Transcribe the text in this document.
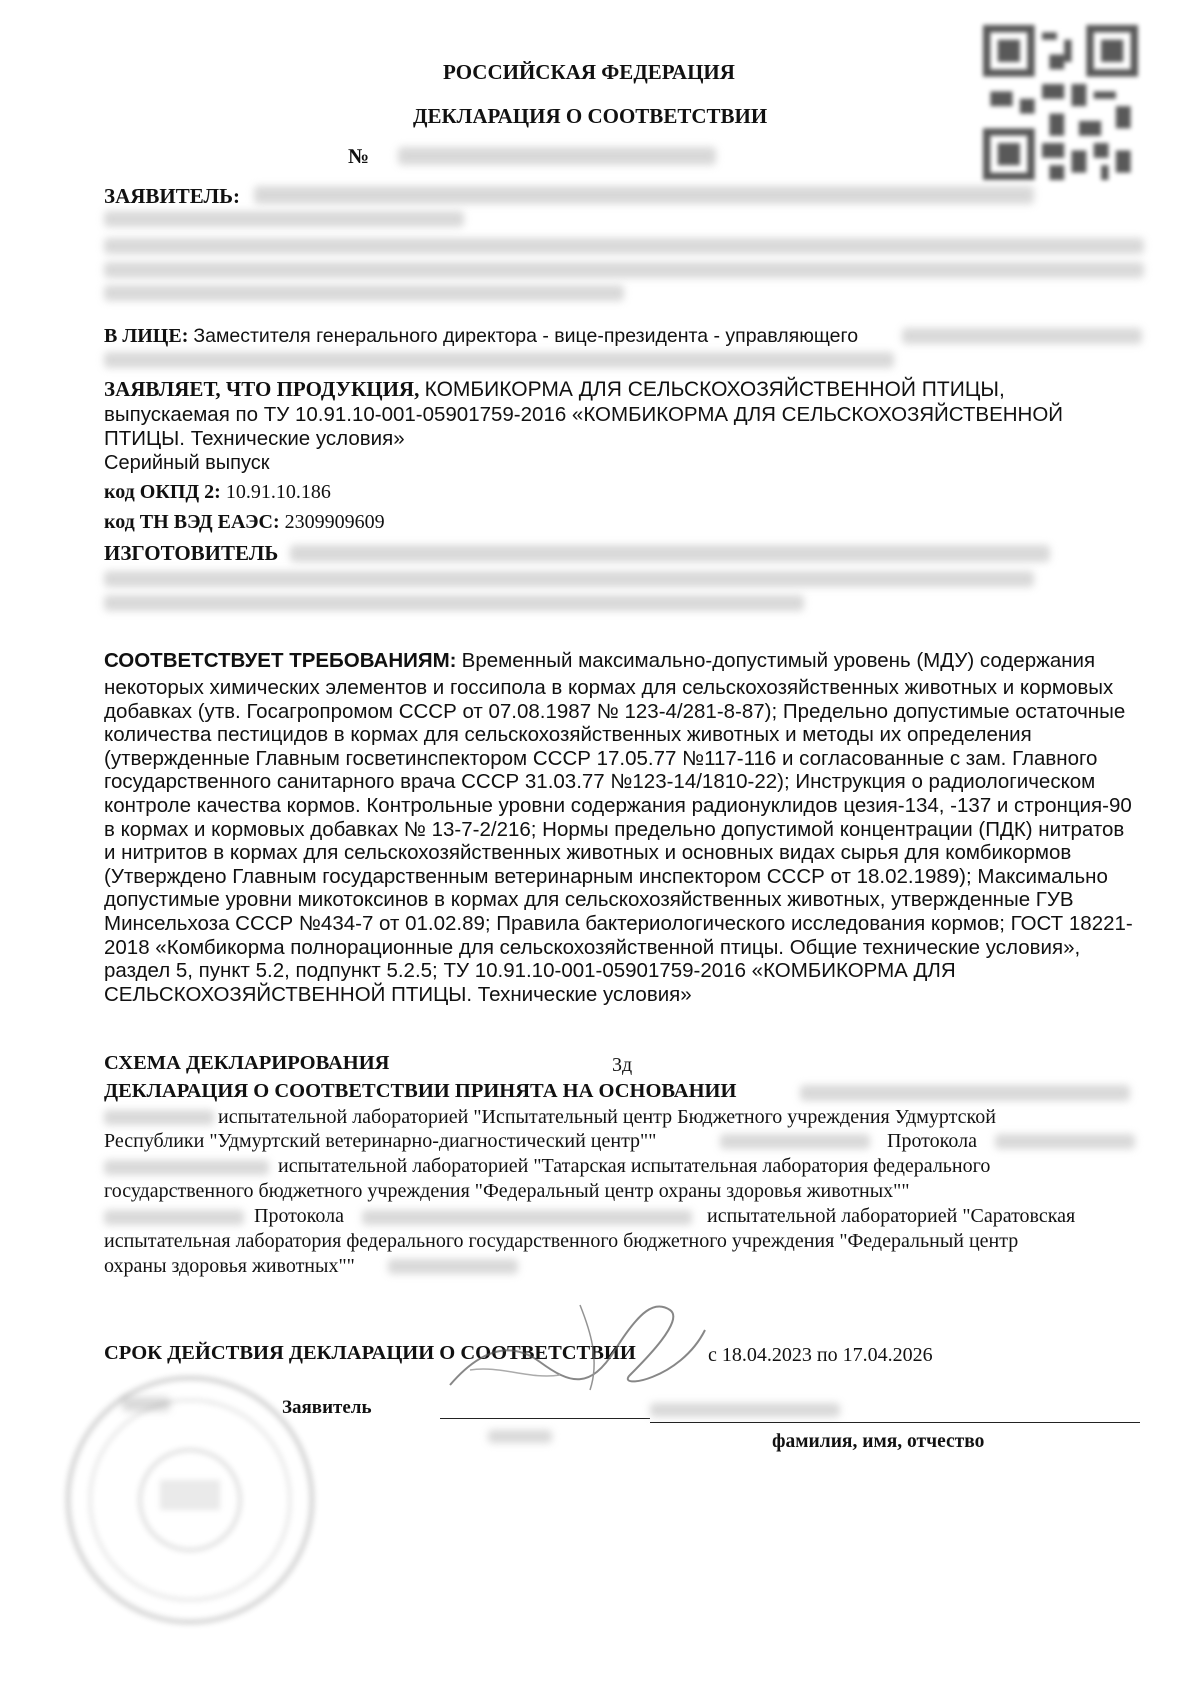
РОССИЙСКАЯ ФЕДЕРАЦИЯ
ДЕКЛАРАЦИЯ О СООТВЕТСТВИИ
№
ЗАЯВИТЕЛЬ:
В ЛИЦЕ: Заместителя генерального директора - вице-президента - управляющего
ЗАЯВЛЯЕТ, ЧТО ПРОДУКЦИЯ, КОМБИКОРМА ДЛЯ СЕЛЬСКОХОЗЯЙСТВЕННОЙ ПТИЦЫ,
выпускаемая по ТУ 10.91.10-001-05901759-2016 «КОМБИКОРМА ДЛЯ СЕЛЬСКОХОЗЯЙСТВЕННОЙ
ПТИЦЫ. Технические условия»
Серийный выпуск
код ОКПД 2: 10.91.10.186
код ТН ВЭД ЕАЭС: 2309909609
ИЗГОТОВИТЕЛЬ
СООТВЕТСТВУЕТ ТРЕБОВАНИЯМ: Временный максимально-допустимый уровень (МДУ) содержания
некоторых химических элементов и госсипола в кормах для сельскохозяйственных животных и кормовых
добавках (утв. Госагропромом СССР от 07.08.1987 № 123-4/281-8-87); Предельно допустимые остаточные
количества пестицидов в кормах для сельскохозяйственных животных и методы их определения
(утвержденные Главным госветинспектором СССР 17.05.77 №117-116 и согласованные с зам. Главного
государственного санитарного врача СССР 31.03.77 №123-14/1810-22); Инструкция о радиологическом
контроле качества кормов. Контрольные уровни содержания радионуклидов цезия-134, -137 и стронция-90
в кормах и кормовых добавках № 13-7-2/216; Нормы предельно допустимой концентрации (ПДК) нитратов
и нитритов в кормах для сельскохозяйственных животных и основных видах сырья для комбикормов
(Утверждено Главным государственным ветеринарным инспектором СССР от 18.02.1989); Максимально
допустимые уровни микотоксинов в кормах для сельскохозяйственных животных, утвержденные ГУВ
Минсельхоза СССР №434-7 от 01.02.89; Правила бактериологического исследования кормов; ГОСТ 18221-
2018 «Комбикорма полнорационные для сельскохозяйственной птицы. Общие технические условия»,
раздел 5, пункт 5.2, подпункт 5.2.5; ТУ 10.91.10-001-05901759-2016 «КОМБИКОРМА ДЛЯ
СЕЛЬСКОХОЗЯЙСТВЕННОЙ ПТИЦЫ. Технические условия»
СХЕМА ДЕКЛАРИРОВАНИЯ	3д
ДЕКЛАРАЦИЯ О СООТВЕТСТВИИ ПРИНЯТА НА ОСНОВАНИИ
испытательной лабораторией "Испытательный центр Бюджетного учреждения Удмуртской
Республики "Удмуртский ветеринарно-диагностический центр""	Протокола
испытательной лабораторией "Татарская испытательная лаборатория федерального
государственного бюджетного учреждения "Федеральный центр охраны здоровья животных""
Протокола	испытательной лабораторией "Саратовская
испытательная лаборатория федерального государственного бюджетного учреждения "Федеральный центр
охраны здоровья животных""
СРОК ДЕЙСТВИЯ ДЕКЛАРАЦИИ О СООТВЕТСТВИИ	с 18.04.2023 по 17.04.2026
Заявитель
фамилия, имя, отчество
